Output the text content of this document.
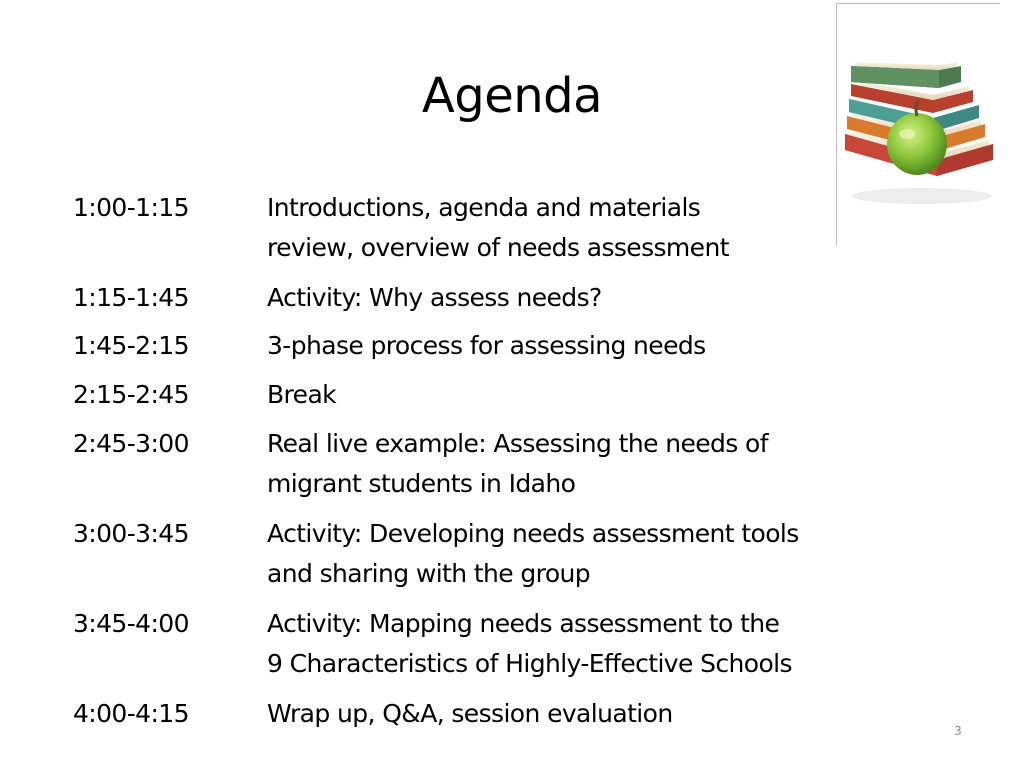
Agenda
1:00-1:15	Introductions, agenda and materials
review, overview of needs assessment
1:15-1:45	Activity: Why assess needs?
1:45-2:15	3-phase process for assessing needs
2:15-2:45	Break
2:45-3:00	Real live example: Assessing the needs of
migrant students in Idaho
3:00-3:45	Activity: Developing needs assessment tools
and sharing with the group
3:45-4:00	Activity: Mapping needs assessment to the
9 Characteristics of Highly-Effective Schools
4:00-4:15	Wrap up, Q&A, session evaluation
3
